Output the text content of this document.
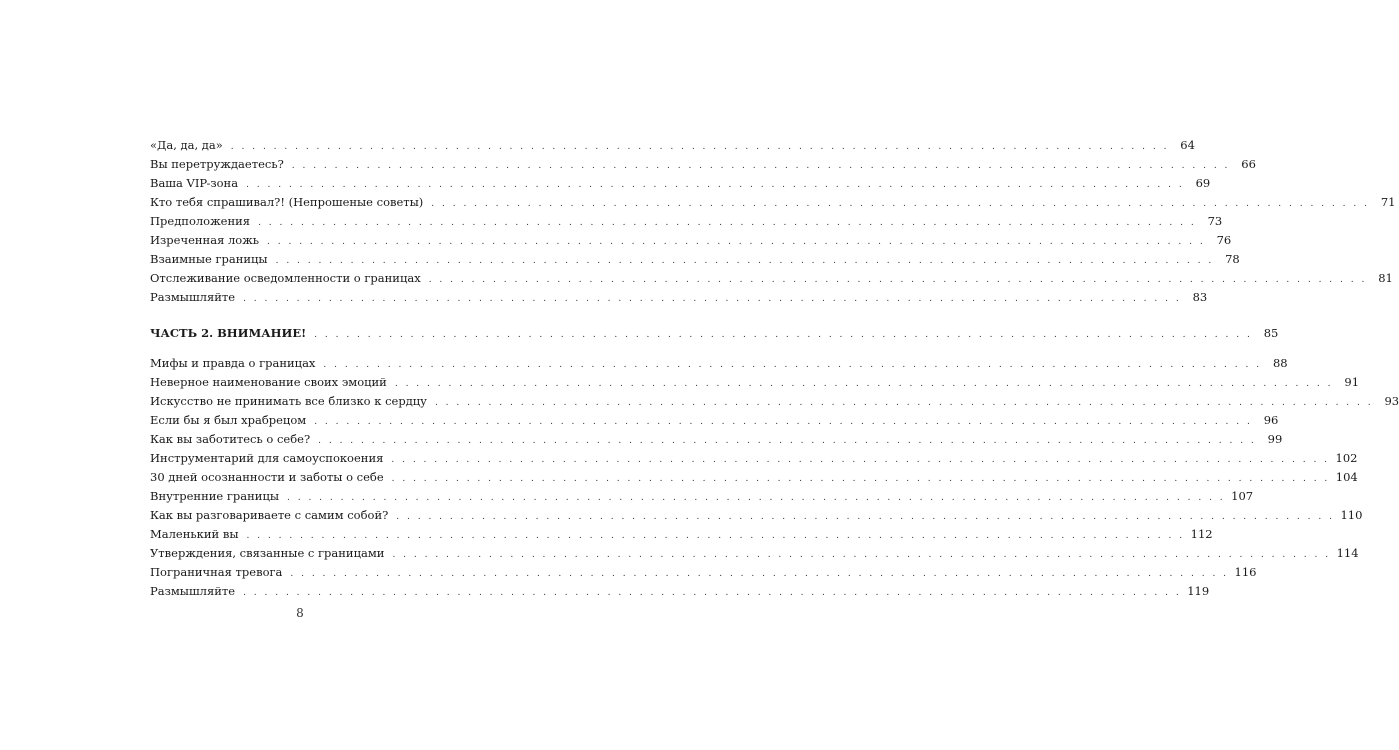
«Да, да, да» . . .	64
Вы перетруждаетесь? . . .	66
Ваша VIP-зона . . .	69
Кто тебя спрашивал?! (Непрошеные советы) . . .	71
Предположения . . .	73
Изреченная ложь . . .	76
Взаимные границы . . .	78
Отслеживание осведомленности о границах . . .	81
Размышляйте . . .	83
ЧАСТЬ 2. ВНИМАНИЕ! . . .	85
Мифы и правда о границах . . .	88
Неверное наименование своих эмоций . . .	91
Искусство не принимать все близко к сердцу . . .	93
Если бы я был храбрецом . . .	96
Как вы заботитесь о себе? . . .	99
Инструментарий для самоуспокоения . . .	102
30 дней осознанности и заботы о себе . . .	104
Внутренние границы . . .	107
Как вы разговариваете с самим собой? . . .	110
Маленький вы . . .	112
Утверждения, связанные с границами . . .	114
Пограничная тревога . . .	116
Размышляйте . . .	119
8
